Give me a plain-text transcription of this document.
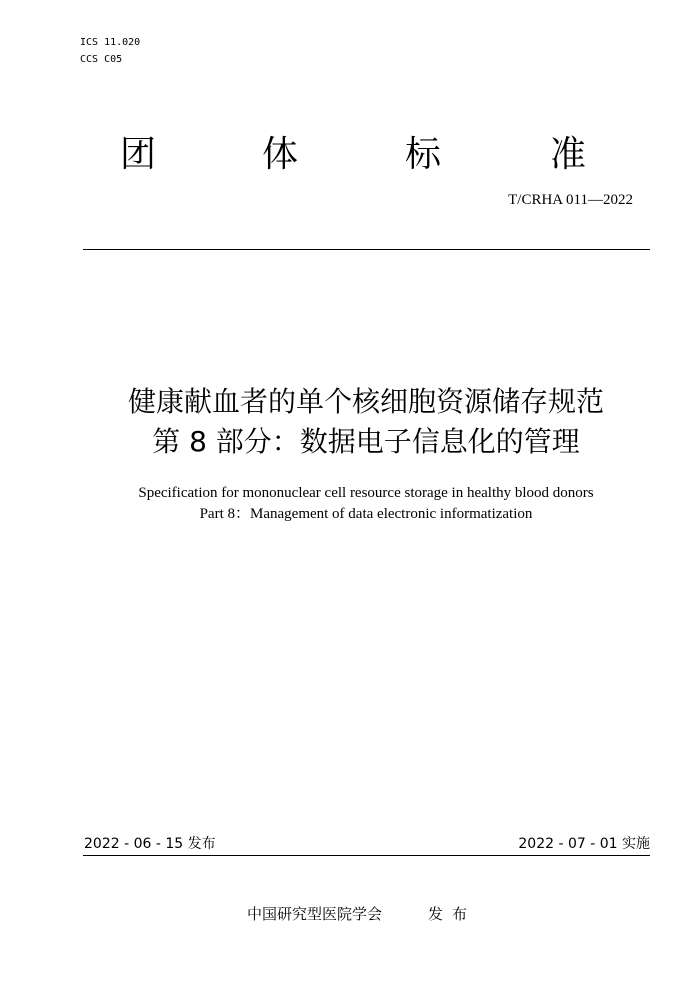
ICS 11.020
CCS C05
团	体	标	准
T/CRHA 011—2022
健康献血者的单个核细胞资源储存规范
第 8 部分：数据电子信息化的管理
Specification for mononuclear cell resource storage in healthy blood donors
Part 8：Management of data electronic informatization
2022 - 06 - 15 发布	2022 - 07 - 01 实施
中国研究型医院学会	发布
